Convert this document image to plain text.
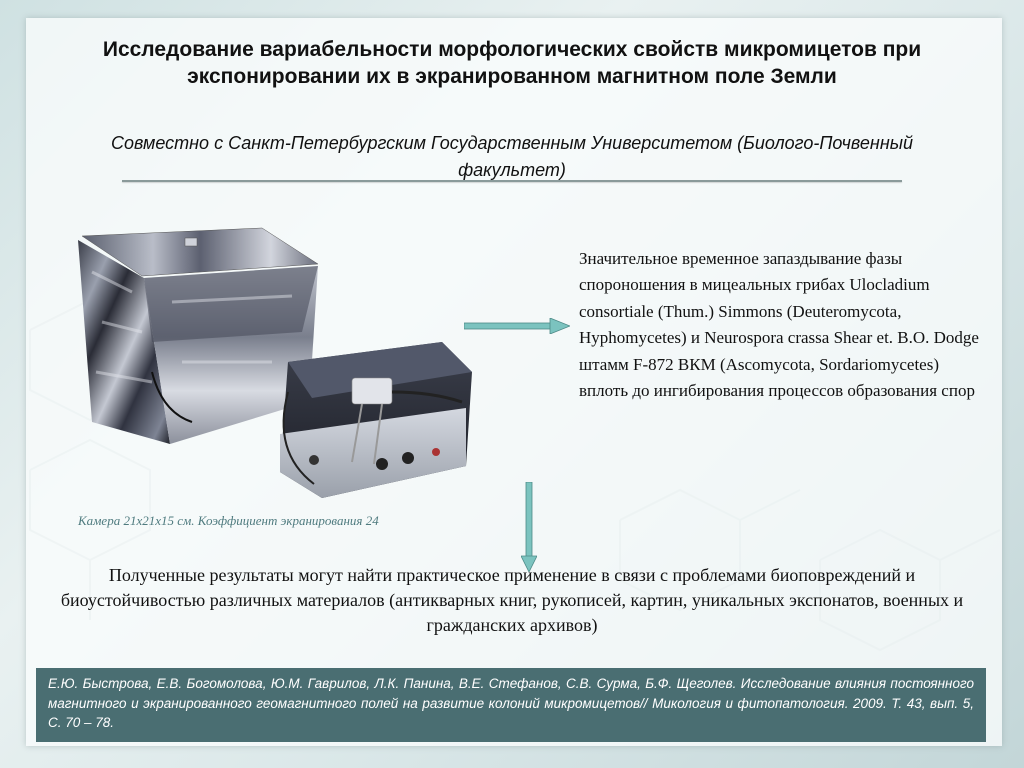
Исследование вариабельности морфологических свойств микромицетов при экспонировании их в экранированном магнитном поле Земли
Совместно с Санкт-Петербургским Государственным Университетом (Биолого-Почвенный факультет)
Камера 21x21x15 см. Коэффициент экранирования 24
Значительное временное запаздывание фазы спороношения в мицеальных грибах Ulocladium consortiale (Thum.) Simmons (Deuteromycota, Hyphomycetes) и Neurospora crassa Shear et. B.O. Dodge штамм F-872 ВКМ (Ascomycota, Sordariomycetes) вплоть до ингибирования процессов образования спор
Полученные результаты могут найти практическое применение в связи с проблемами биоповреждений и биоустойчивостью различных материалов (антикварных книг, рукописей, картин, уникальных экспонатов, военных и гражданских архивов)
Е.Ю. Быстрова, Е.В. Богомолова, Ю.М. Гаврилов, Л.К. Панина, В.Е. Стефанов, С.В. Сурма, Б.Ф. Щеголев. Исследование влияния постоянного магнитного и экранированного геомагнитного полей на развитие колоний микромицетов// Микология и фитопатология. 2009. Т. 43, вып. 5, С. 70 – 78.
